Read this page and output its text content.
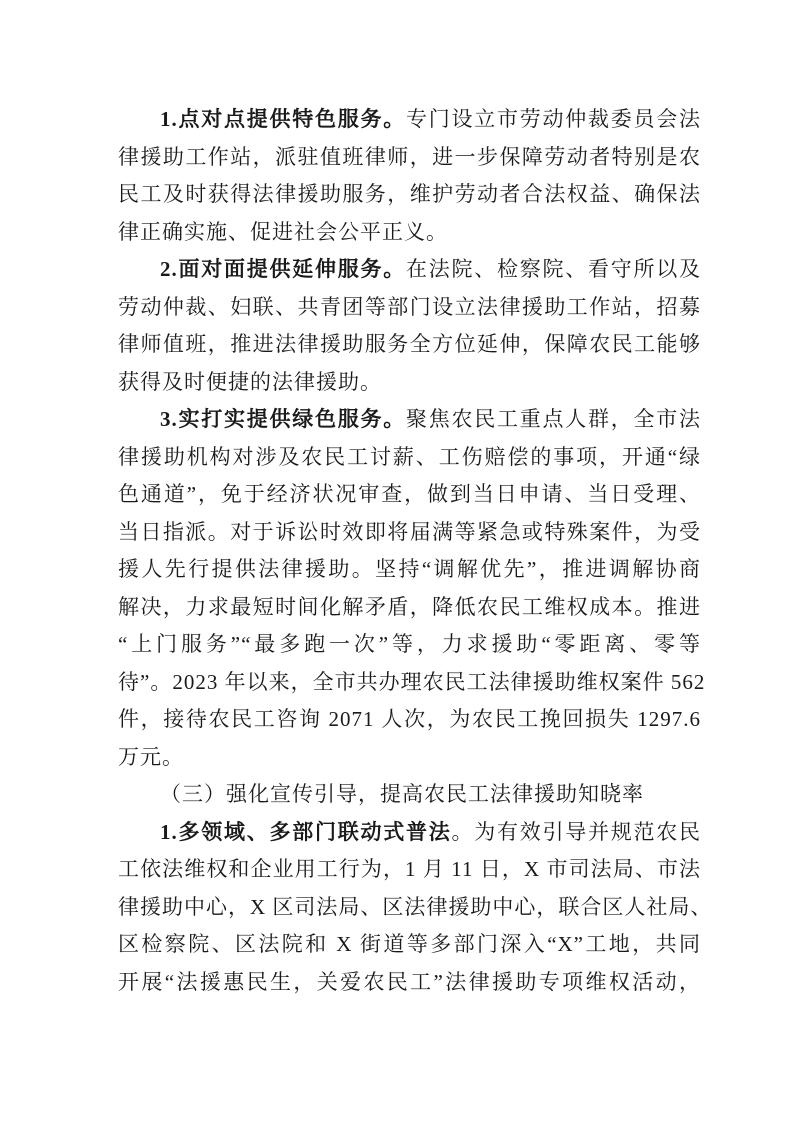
1.点对点提供特色服务。专门设立市劳动仲裁委员会法
律援助工作站，派驻值班律师，进一步保障劳动者特别是农
民工及时获得法律援助服务，维护劳动者合法权益、确保法
律正确实施、促进社会公平正义。
2.面对面提供延伸服务。在法院、检察院、看守所以及
劳动仲裁、妇联、共青团等部门设立法律援助工作站，招募
律师值班，推进法律援助服务全方位延伸，保障农民工能够
获得及时便捷的法律援助。
3.实打实提供绿色服务。聚焦农民工重点人群，全市法
律援助机构对涉及农民工讨薪、工伤赔偿的事项，开通“绿
色通道”，免于经济状况审查，做到当日申请、当日受理、
当日指派。对于诉讼时效即将届满等紧急或特殊案件，为受
援人先行提供法律援助。坚持“调解优先”，推进调解协商
解决，力求最短时间化解矛盾，降低农民工维权成本。推进
“上门服务”“最多跑一次”等，力求援助“零距离、零等
待”。2023 年以来，全市共办理农民工法律援助维权案件 562
件，接待农民工咨询 2071 人次，为农民工挽回损失 1297.6
万元。
（三）强化宣传引导，提高农民工法律援助知晓率
1.多领域、多部门联动式普法。为有效引导并规范农民
工依法维权和企业用工行为，1 月 11 日，X 市司法局、市法
律援助中心，X 区司法局、区法律援助中心，联合区人社局、
区检察院、区法院和 X 街道等多部门深入“X”工地，共同
开展“法援惠民生，关爱农民工”法律援助专项维权活动，
